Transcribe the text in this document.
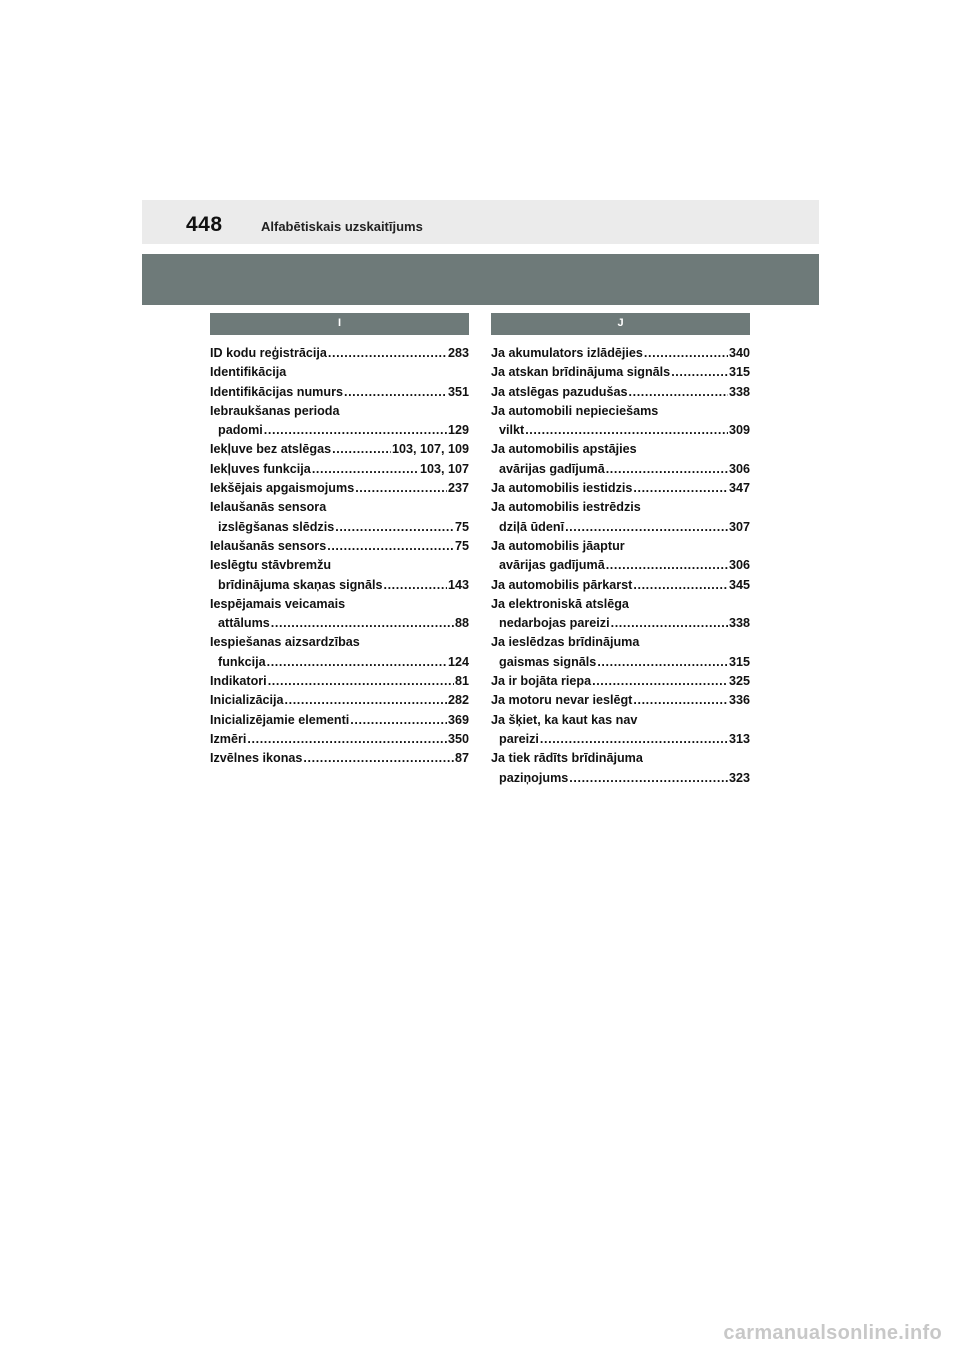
448	Alfabētiskais uzskaitījums
I
ID kodu reģistrācija .....	283
Identifikācija
Identifikācijas numurs .....	351
Iebraukšanas perioda
padomi .....	129
Iekļuve bez atslēgas .....	103, 107, 109
Iekļuves funkcija .....	103, 107
Iekšējais apgaismojums .....	237
Ielaušanās sensora
izslēgšanas slēdzis .....	75
Ielaušanās sensors .....	75
Ieslēgtu stāvbremžu
brīdinājuma skaņas signāls .....	143
Iespējamais veicamais
attālums .....	88
Iespiešanas aizsardzības
funkcija .....	124
Indikatori .....	81
Inicializācija .....	282
Inicializējamie elementi .....	369
Izmēri .....	350
Izvēlnes ikonas .....	87
J
Ja akumulators izlādējies .....	340
Ja atskan brīdinājuma signāls .....	315
Ja atslēgas pazudušas .....	338
Ja automobili nepieciešams
vilkt .....	309
Ja automobilis apstājies
avārijas gadījumā .....	306
Ja automobilis iestidzis .....	347
Ja automobilis iestrēdzis
dziļā ūdenī .....	307
Ja automobilis jāaptur
avārijas gadījumā .....	306
Ja automobilis pārkarst .....	345
Ja elektroniskā atslēga
nedarbojas pareizi .....	338
Ja ieslēdzas brīdinājuma
gaismas signāls .....	315
Ja ir bojāta riepa .....	325
Ja motoru nevar ieslēgt .....	336
Ja šķiet, ka kaut kas nav
pareizi .....	313
Ja tiek rādīts brīdinājuma
paziņojums .....	323
carmanualsonline.info
